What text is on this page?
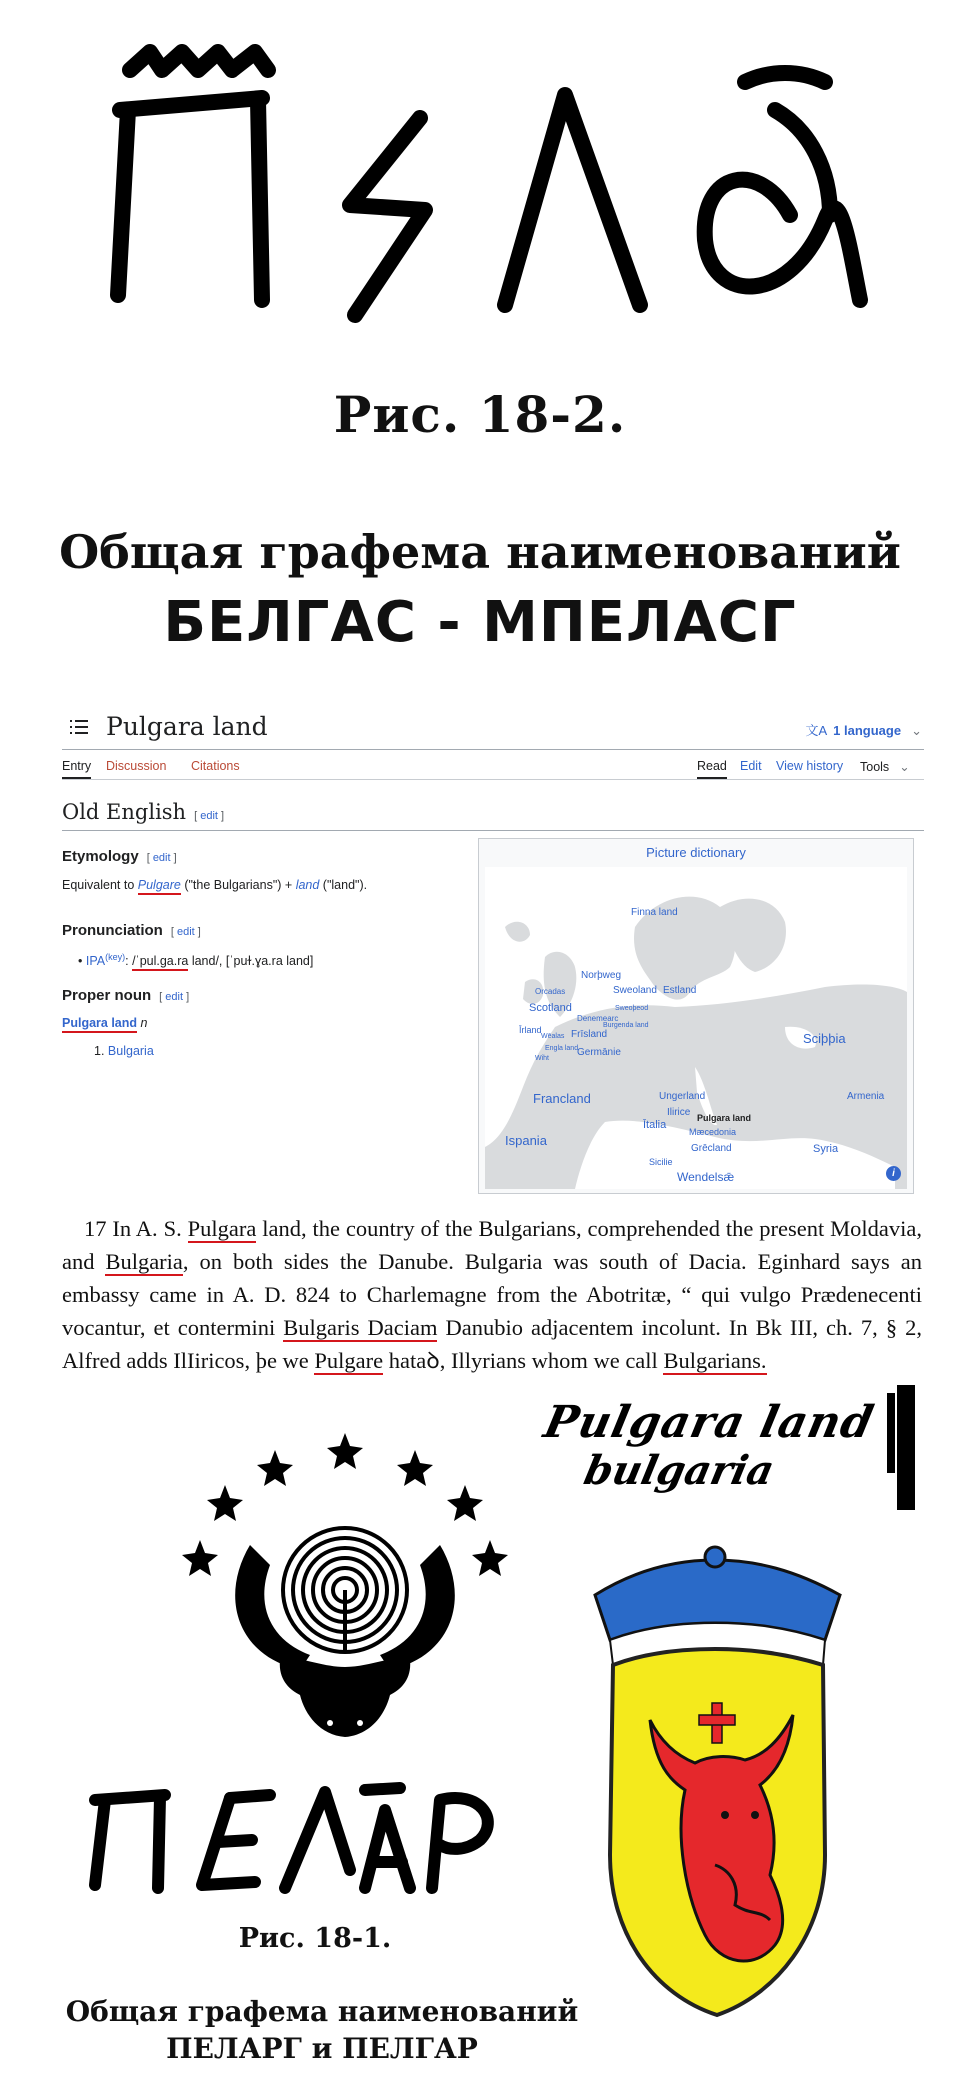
Рис. 18-2.
Общая графема наименований
БЕЛГАС - МПЕЛАСГ
Pulgara land	文A 1 language ⌄
Entry Discussion Citations	Read Edit View history Tools ⌄
Old English [ edit ]
Etymology [ edit ]
Equivalent to Pulgare ("the Bulgarians") + land ("land").
Pronunciation [ edit ]
• $IPA^{(key)}$: /ˈpul.ɡa.ra land/, [ˈpuɫ.ɣa.ra land]
Proper noun [ edit ]
Pulgara land n
1. Bulgaria
Picture dictionary
Finna land
Norþweg
Orcadas	Sweoland Estland
Scotland	Sweoþeod
Denemearc
Burgenda land
Īrland
Wēalas Frīsland
Engla land
Wiht
Germānie
Sciþþia
Francland	Ungerland	Armenia
Ilirice Pulgara land
Ītalia
Mæcedonia
Ispania
Grēcland	Syria
Sicilie
Wendelsǣ	i

17 In A. S. Pulgara land, the country of the Bulgarians, comprehended the present Moldavia, and Bulgaria, on both sides the Danube. Bulgaria was south of Dacia. Eginhard says an embassy came in A. D. 824 to Charlemagne from the Abotritæ, “ qui vulgo Prædenecenti vocantur, et contermini Bulgaris Daciam Danubio adjacentem incolunt. In Bk III, ch. 7, § 2, Alfred adds IlIiricos, þe we Pulgare hataꝺ, Illyrians whom we call Bulgarians.

Pulgara land
bulgaria
Рис. 18-1.
Общая графема наименований
ПЕЛАРГ и ПЕЛГАР
